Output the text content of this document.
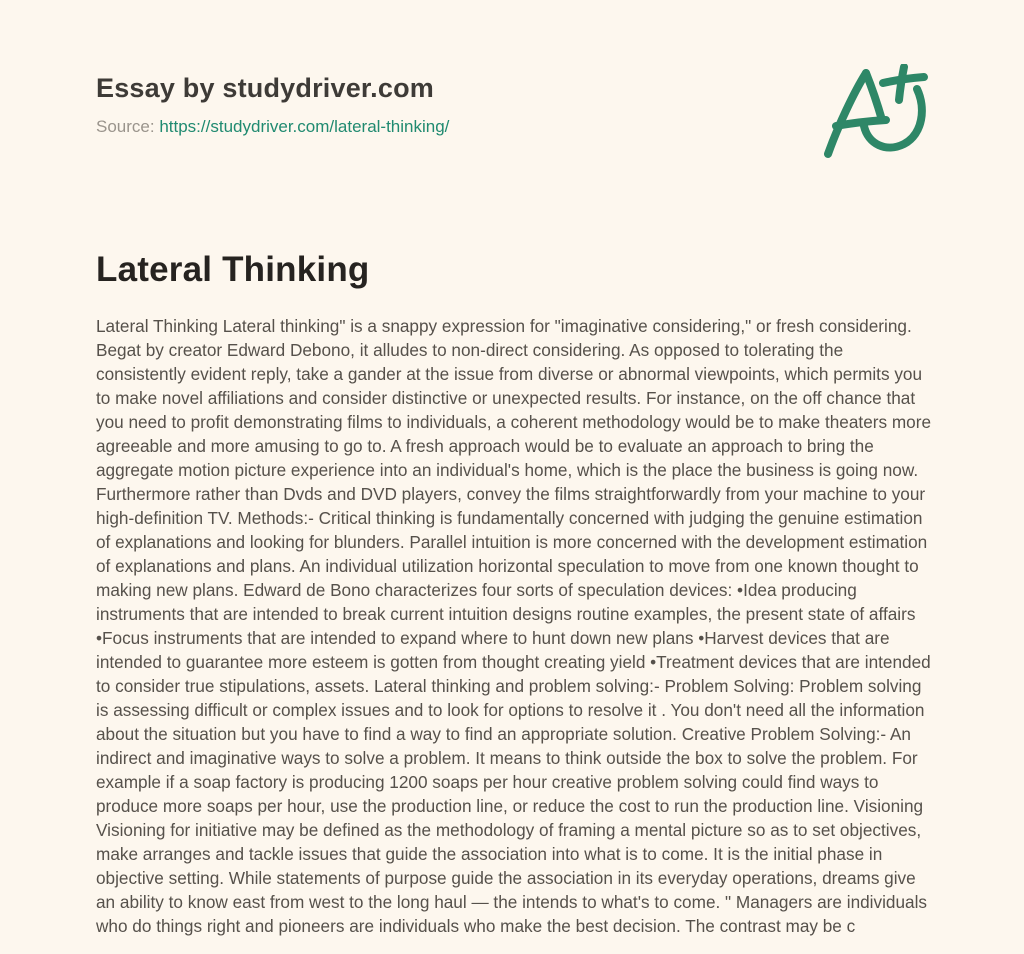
Essay by studydriver.com

Source: https://studydriver.com/lateral-thinking/

Lateral Thinking

Lateral Thinking Lateral thinking" is a snappy expression for "imaginative considering," or fresh considering. Begat by creator Edward Debono, it alludes to non-direct considering. As opposed to tolerating the consistently evident reply, take a gander at the issue from diverse or abnormal viewpoints, which permits you to make novel affiliations and consider distinctive or unexpected results. For instance, on the off chance that you need to profit demonstrating films to individuals, a coherent methodology would be to make theaters more agreeable and more amusing to go to. A fresh approach would be to evaluate an approach to bring the aggregate motion picture experience into an individual's home, which is the place the business is going now. Furthermore rather than Dvds and DVD players, convey the films straightforwardly from your machine to your high-definition TV. Methods:- Critical thinking is fundamentally concerned with judging the genuine estimation of explanations and looking for blunders. Parallel intuition is more concerned with the development estimation of explanations and plans. An individual utilization horizontal speculation to move from one known thought to making new plans. Edward de Bono characterizes four sorts of speculation devices: •Idea producing instruments that are intended to break current intuition designs routine examples, the present state of affairs •Focus instruments that are intended to expand where to hunt down new plans •Harvest devices that are intended to guarantee more esteem is gotten from thought creating yield •Treatment devices that are intended to consider true stipulations, assets. Lateral thinking and problem solving:- Problem Solving: Problem solving is assessing difficult or complex issues and to look for options to resolve it . You don't need all the information about the situation but you have to find a way to find an appropriate solution. Creative Problem Solving:- An indirect and imaginative ways to solve a problem. It means to think outside the box to solve the problem. For example if a soap factory is producing 1200 soaps per hour creative problem solving could find ways to produce more soaps per hour, use the production line, or reduce the cost to run the production line. Visioning Visioning for initiative may be defined as the methodology of framing a mental picture so as to set objectives, make arranges and tackle issues that guide the association into what is to come. It is the initial phase in objective setting. While statements of purpose guide the association in its everyday operations, dreams give an ability to know east from west to the long haul — the intends to what's to come. " Managers are individuals who do things right and pioneers are individuals who make the best decision. The contrast may be c
